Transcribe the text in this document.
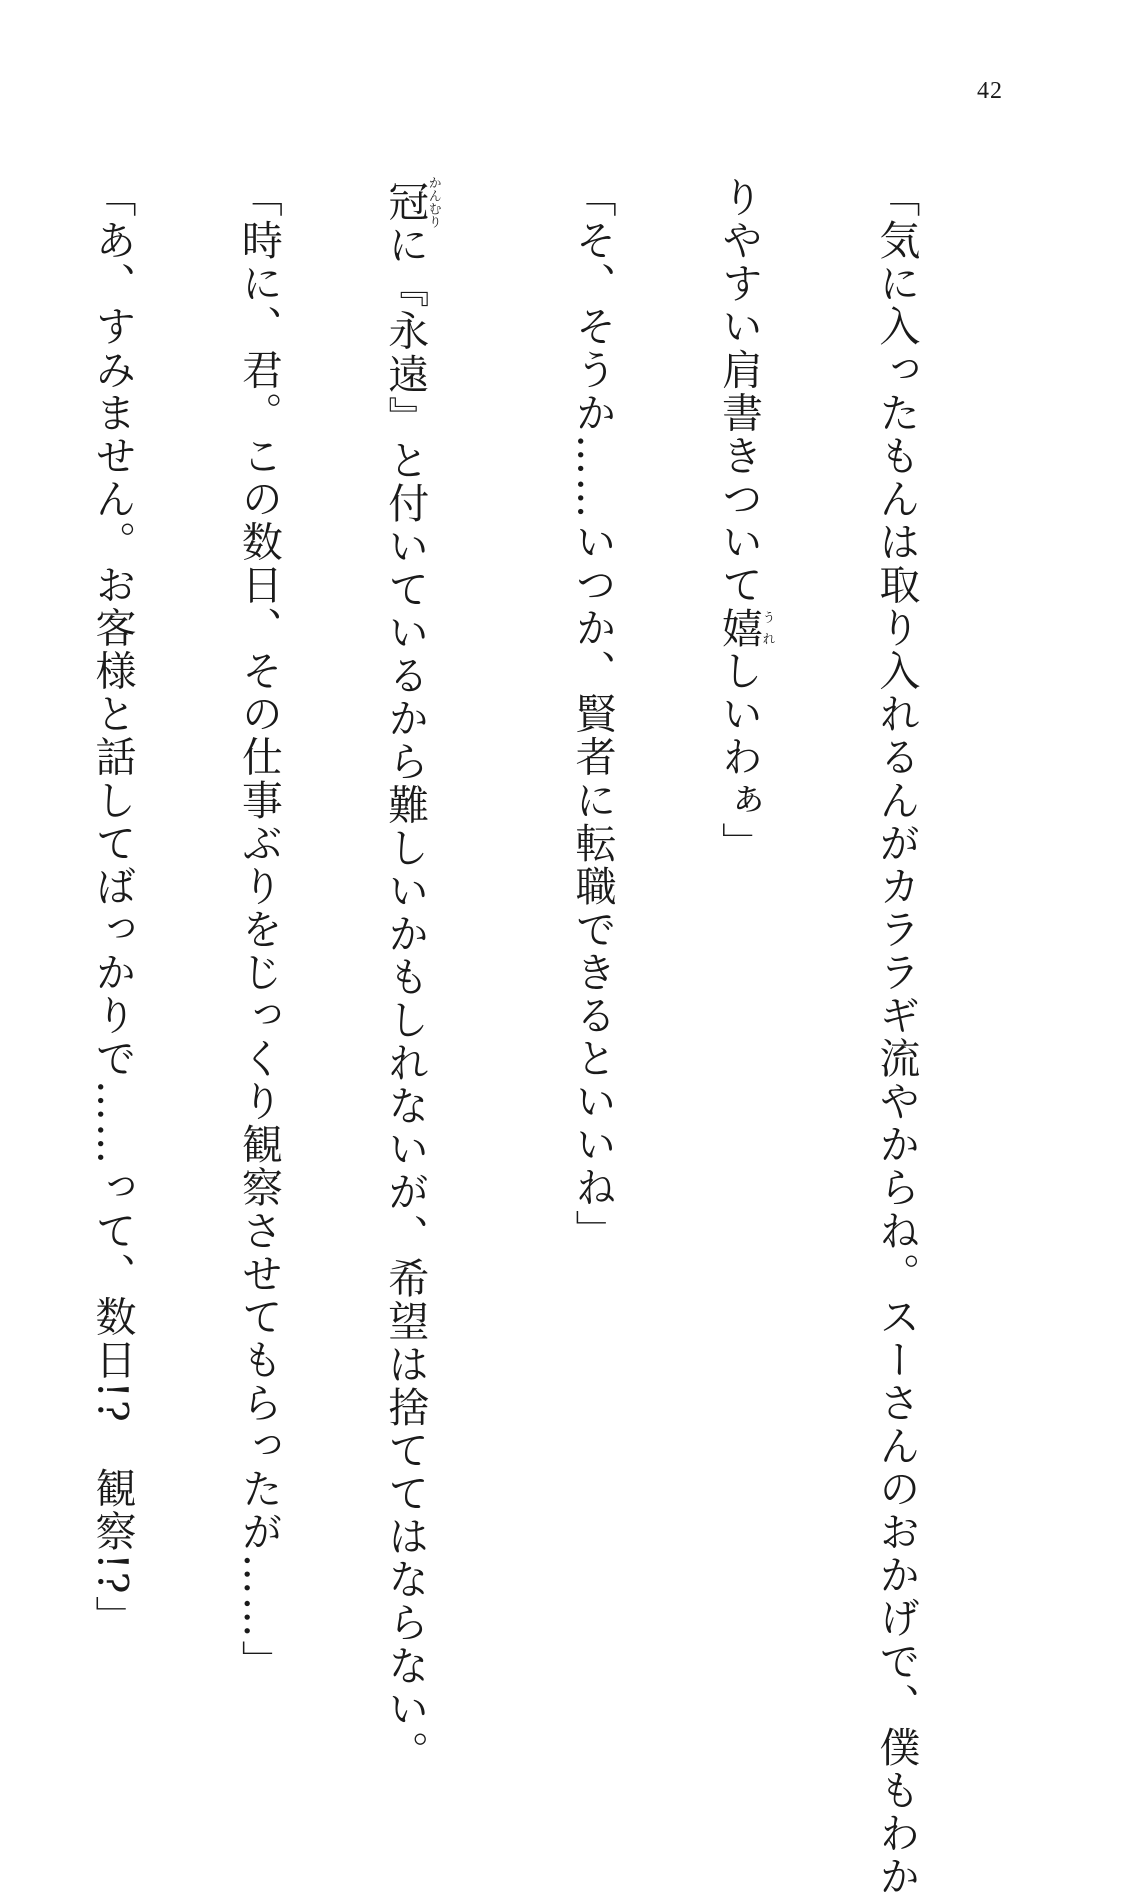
42

「気に入ったもんは取り入れるんがカララギ流やからね。スーさんのおかげで、僕もわか

りやすい肩書きついて嬉うれしいわぁ」

「そ、そうか……いつか、賢者に転職できるといいね」

冠かんむりに『永遠』と付いているから難しいかもしれないが、希望は捨ててはならない。

「時に、君。この数日、その仕事ぶりをじっくり観察させてもらったが……」

「あ、すみません。お客様と話してばっかりで……って、数日!?　観察!?」
